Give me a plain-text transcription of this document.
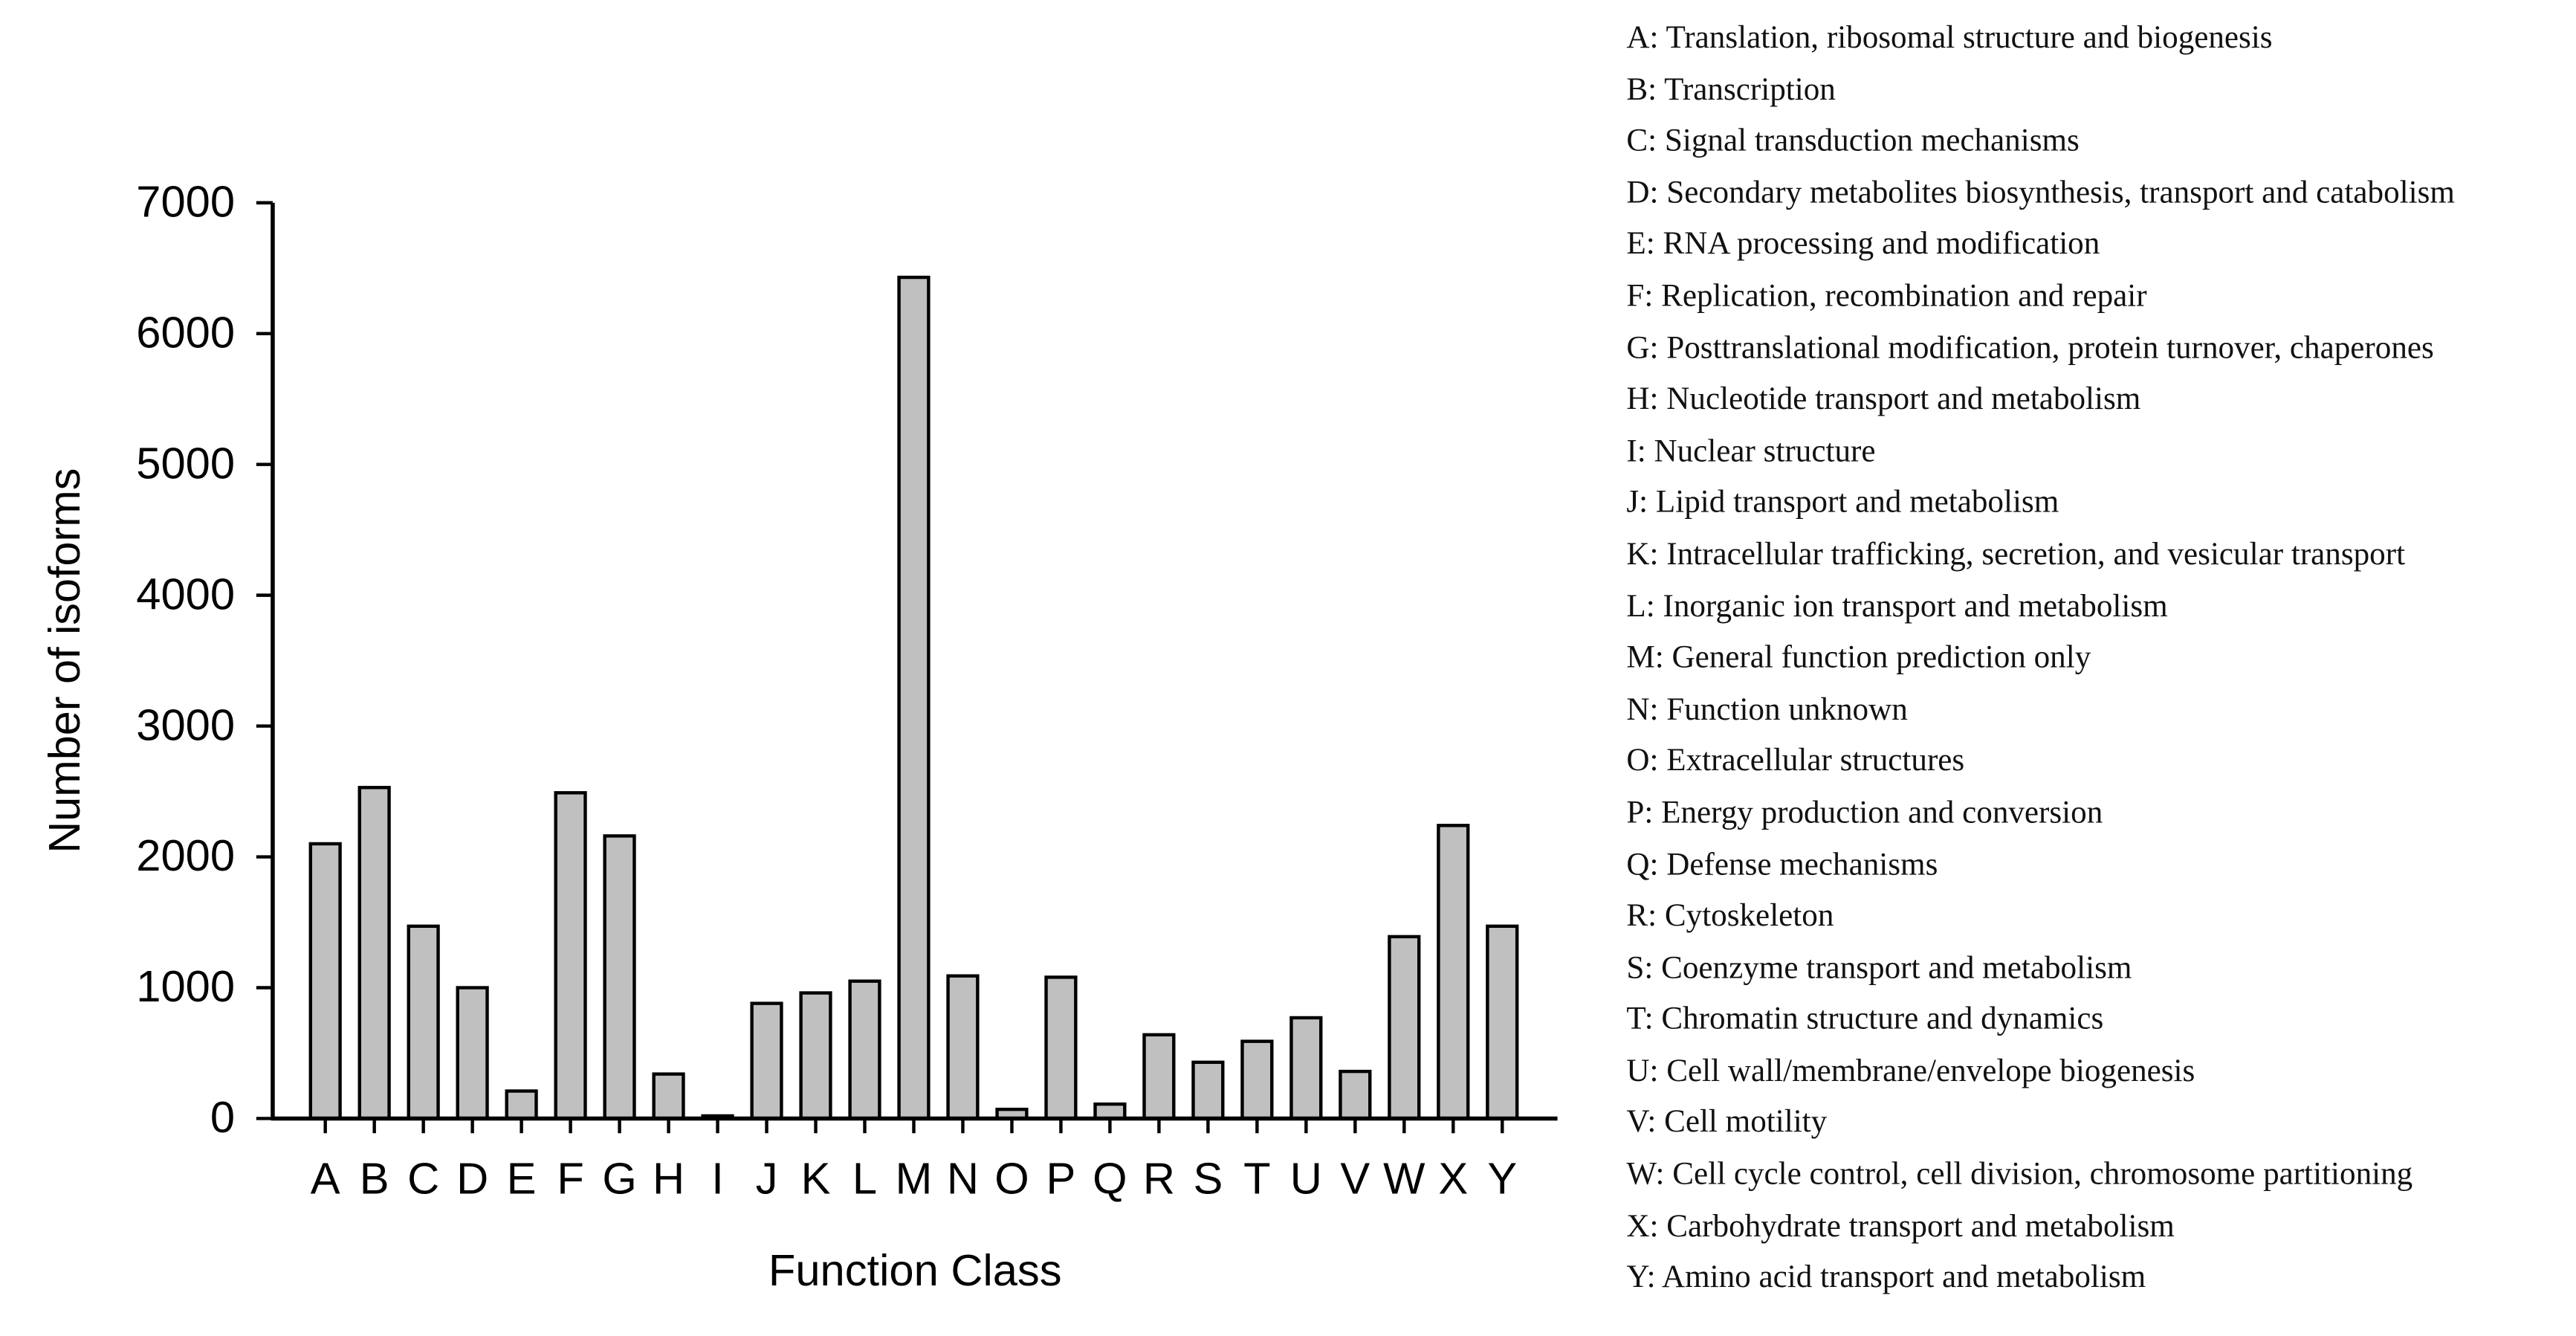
Number of isoforms
Function Class
0
1000
2000
3000
4000
5000
6000
7000
A B C D E F G H I J K L M N O P Q R S T U V W X Y
A: Translation, ribosomal structure and biogenesis
B: Transcription
C: Signal transduction mechanisms
D: Secondary metabolites biosynthesis, transport and catabolism
E: RNA processing and modification
F: Replication, recombination and repair
G: Posttranslational modification, protein turnover, chaperones
H: Nucleotide transport and metabolism
I: Nuclear structure
J: Lipid transport and metabolism
K: Intracellular trafficking, secretion, and vesicular transport
L: Inorganic ion transport and metabolism
M: General function prediction only
N: Function unknown
O: Extracellular structures
P: Energy production and conversion
Q: Defense mechanisms
R: Cytoskeleton
S: Coenzyme transport and metabolism
T: Chromatin structure and dynamics
U: Cell wall/membrane/envelope biogenesis
V: Cell motility
W: Cell cycle control, cell division, chromosome partitioning
X: Carbohydrate transport and metabolism
Y: Amino acid transport and metabolism
